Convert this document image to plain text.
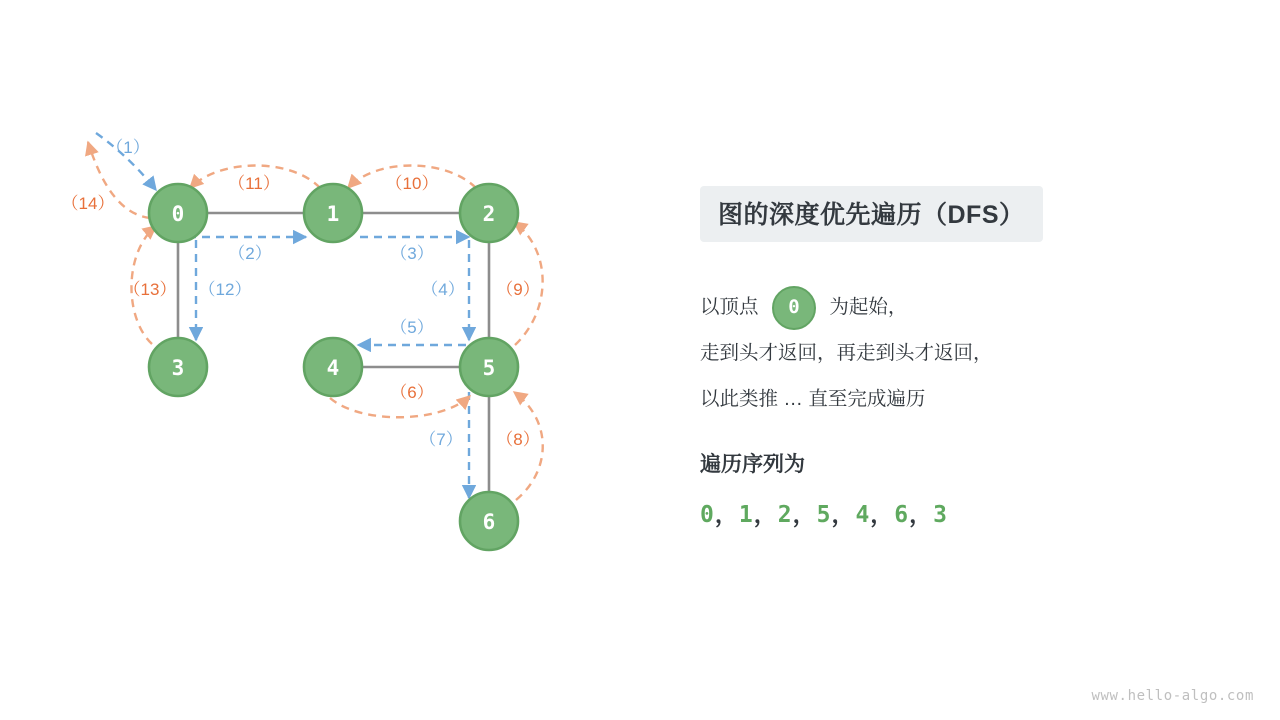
0	1	2
3	4	5
6
（1）
（2）	（3）
（4）
（5）
（6）
（7） （8）
（9）
（10）
（11）
（12）
（13）
（14）	图的深度优先遍历（DFS）
以顶点 0 为起始，
走到头才返回，再走到头才返回，
以此类推 … 直至完成遍历
遍历序列为
0，1，2，5，4，6，3
www.hello-algo.com
